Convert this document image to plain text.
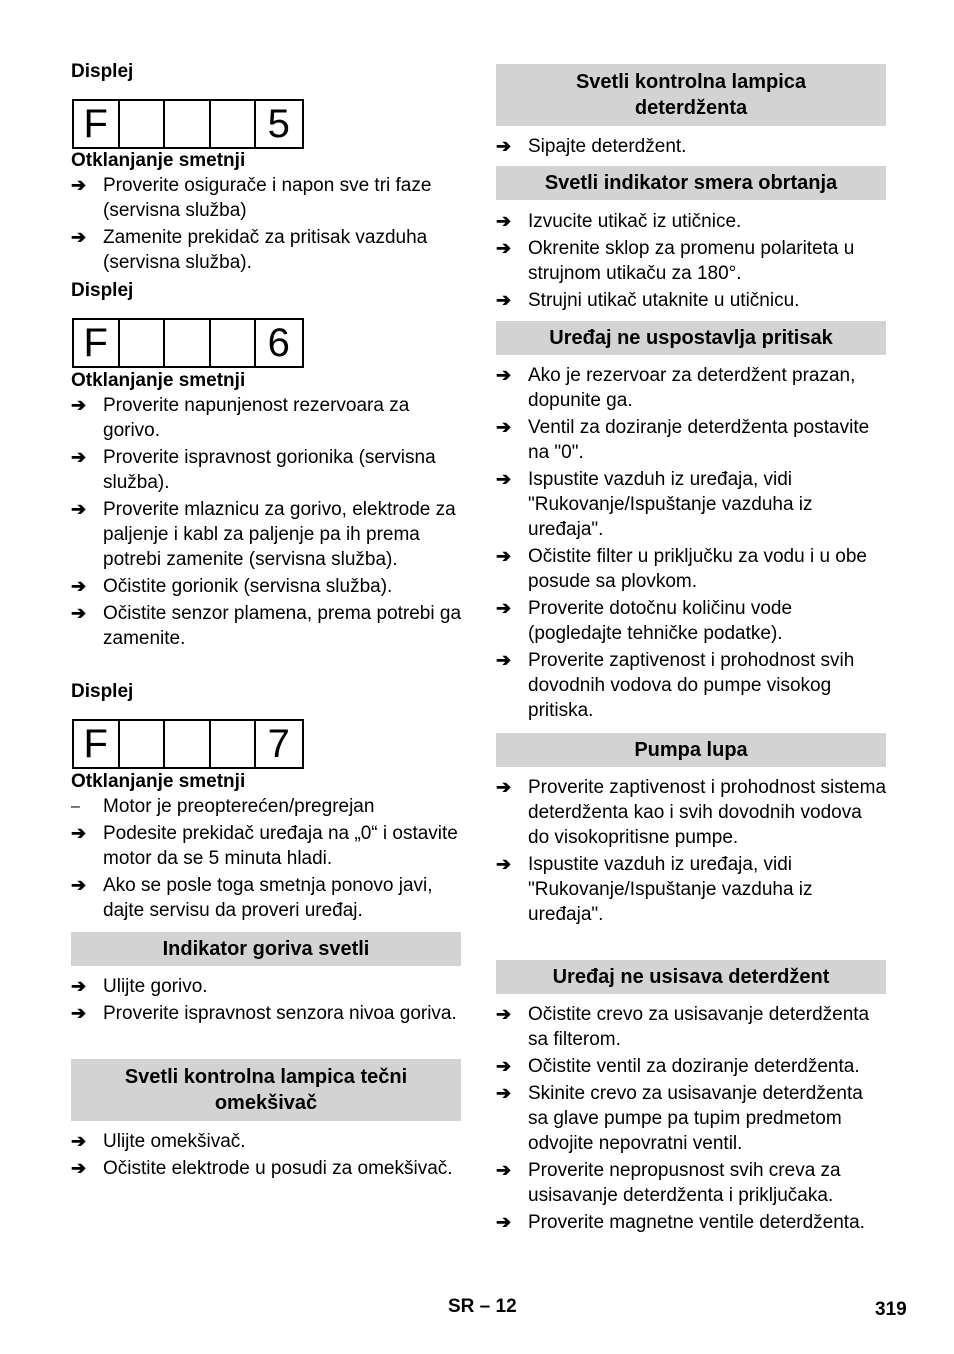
Displej
F	5
Otklanjanje smetnji
➔ Proverite osigurače i napon sve tri faze (servisna služba)
➔ Zamenite prekidač za pritisak vazduha (servisna služba).
Displej
F	6
Otklanjanje smetnji
➔ Proverite napunjenost rezervoara za gorivo.
➔ Proverite ispravnost gorionika (servisna služba).
➔ Proverite mlaznicu za gorivo, elektrode za paljenje i kabl za paljenje pa ih prema potrebi zamenite (servisna služba).
➔ Očistite gorionik (servisna služba).
➔ Očistite senzor plamena, prema potrebi ga zamenite.
Displej
F	7
Otklanjanje smetnji
–	Motor je preopterećen/pregrejan
➔ Podesite prekidač uređaja na „0“ i ostavite motor da se 5 minuta hladi.
➔ Ako se posle toga smetnja ponovo javi, dajte servisu da proveri uređaj.
Indikator goriva svetli
➔ Ulijte gorivo.
➔ Proverite ispravnost senzora nivoa goriva.
Svetli kontrolna lampica tečni omekšivač
➔ Ulijte omekšivač.
➔ Očistite elektrode u posudi za omekšivač.
Svetli kontrolna lampica deterdženta
➔ Sipajte deterdžent.
Svetli indikator smera obrtanja
➔ Izvucite utikač iz utičnice.
➔ Okrenite sklop za promenu polariteta u strujnom utikaču za 180°.
➔ Strujni utikač utaknite u utičnicu.
Uređaj ne uspostavlja pritisak
➔ Ako je rezervoar za deterdžent prazan, dopunite ga.
➔ Ventil za doziranje deterdženta postavite na "0".
➔ Ispustite vazduh iz uređaja, vidi "Rukovanje/Ispuštanje vazduha iz uređaja".
➔ Očistite filter u priključku za vodu i u obe posude sa plovkom.
➔ Proverite dotočnu količinu vode (pogledajte tehničke podatke).
➔ Proverite zaptivenost i prohodnost svih dovodnih vodova do pumpe visokog pritiska.
Pumpa lupa
➔ Proverite zaptivenost i prohodnost sistema deterdženta kao i svih dovodnih vodova do visokopritisne pumpe.
➔ Ispustite vazduh iz uređaja, vidi "Rukovanje/Ispuštanje vazduha iz uređaja".
Uređaj ne usisava deterdžent
➔ Očistite crevo za usisavanje deterdženta sa filterom.
➔ Očistite ventil za doziranje deterdženta.
➔ Skinite crevo za usisavanje deterdženta sa glave pumpe pa tupim predmetom odvojite nepovratni ventil.
➔ Proverite nepropusnost svih creva za usisavanje deterdženta i priključaka.
➔ Proverite magnetne ventile deterdženta.
SR – 12	319
